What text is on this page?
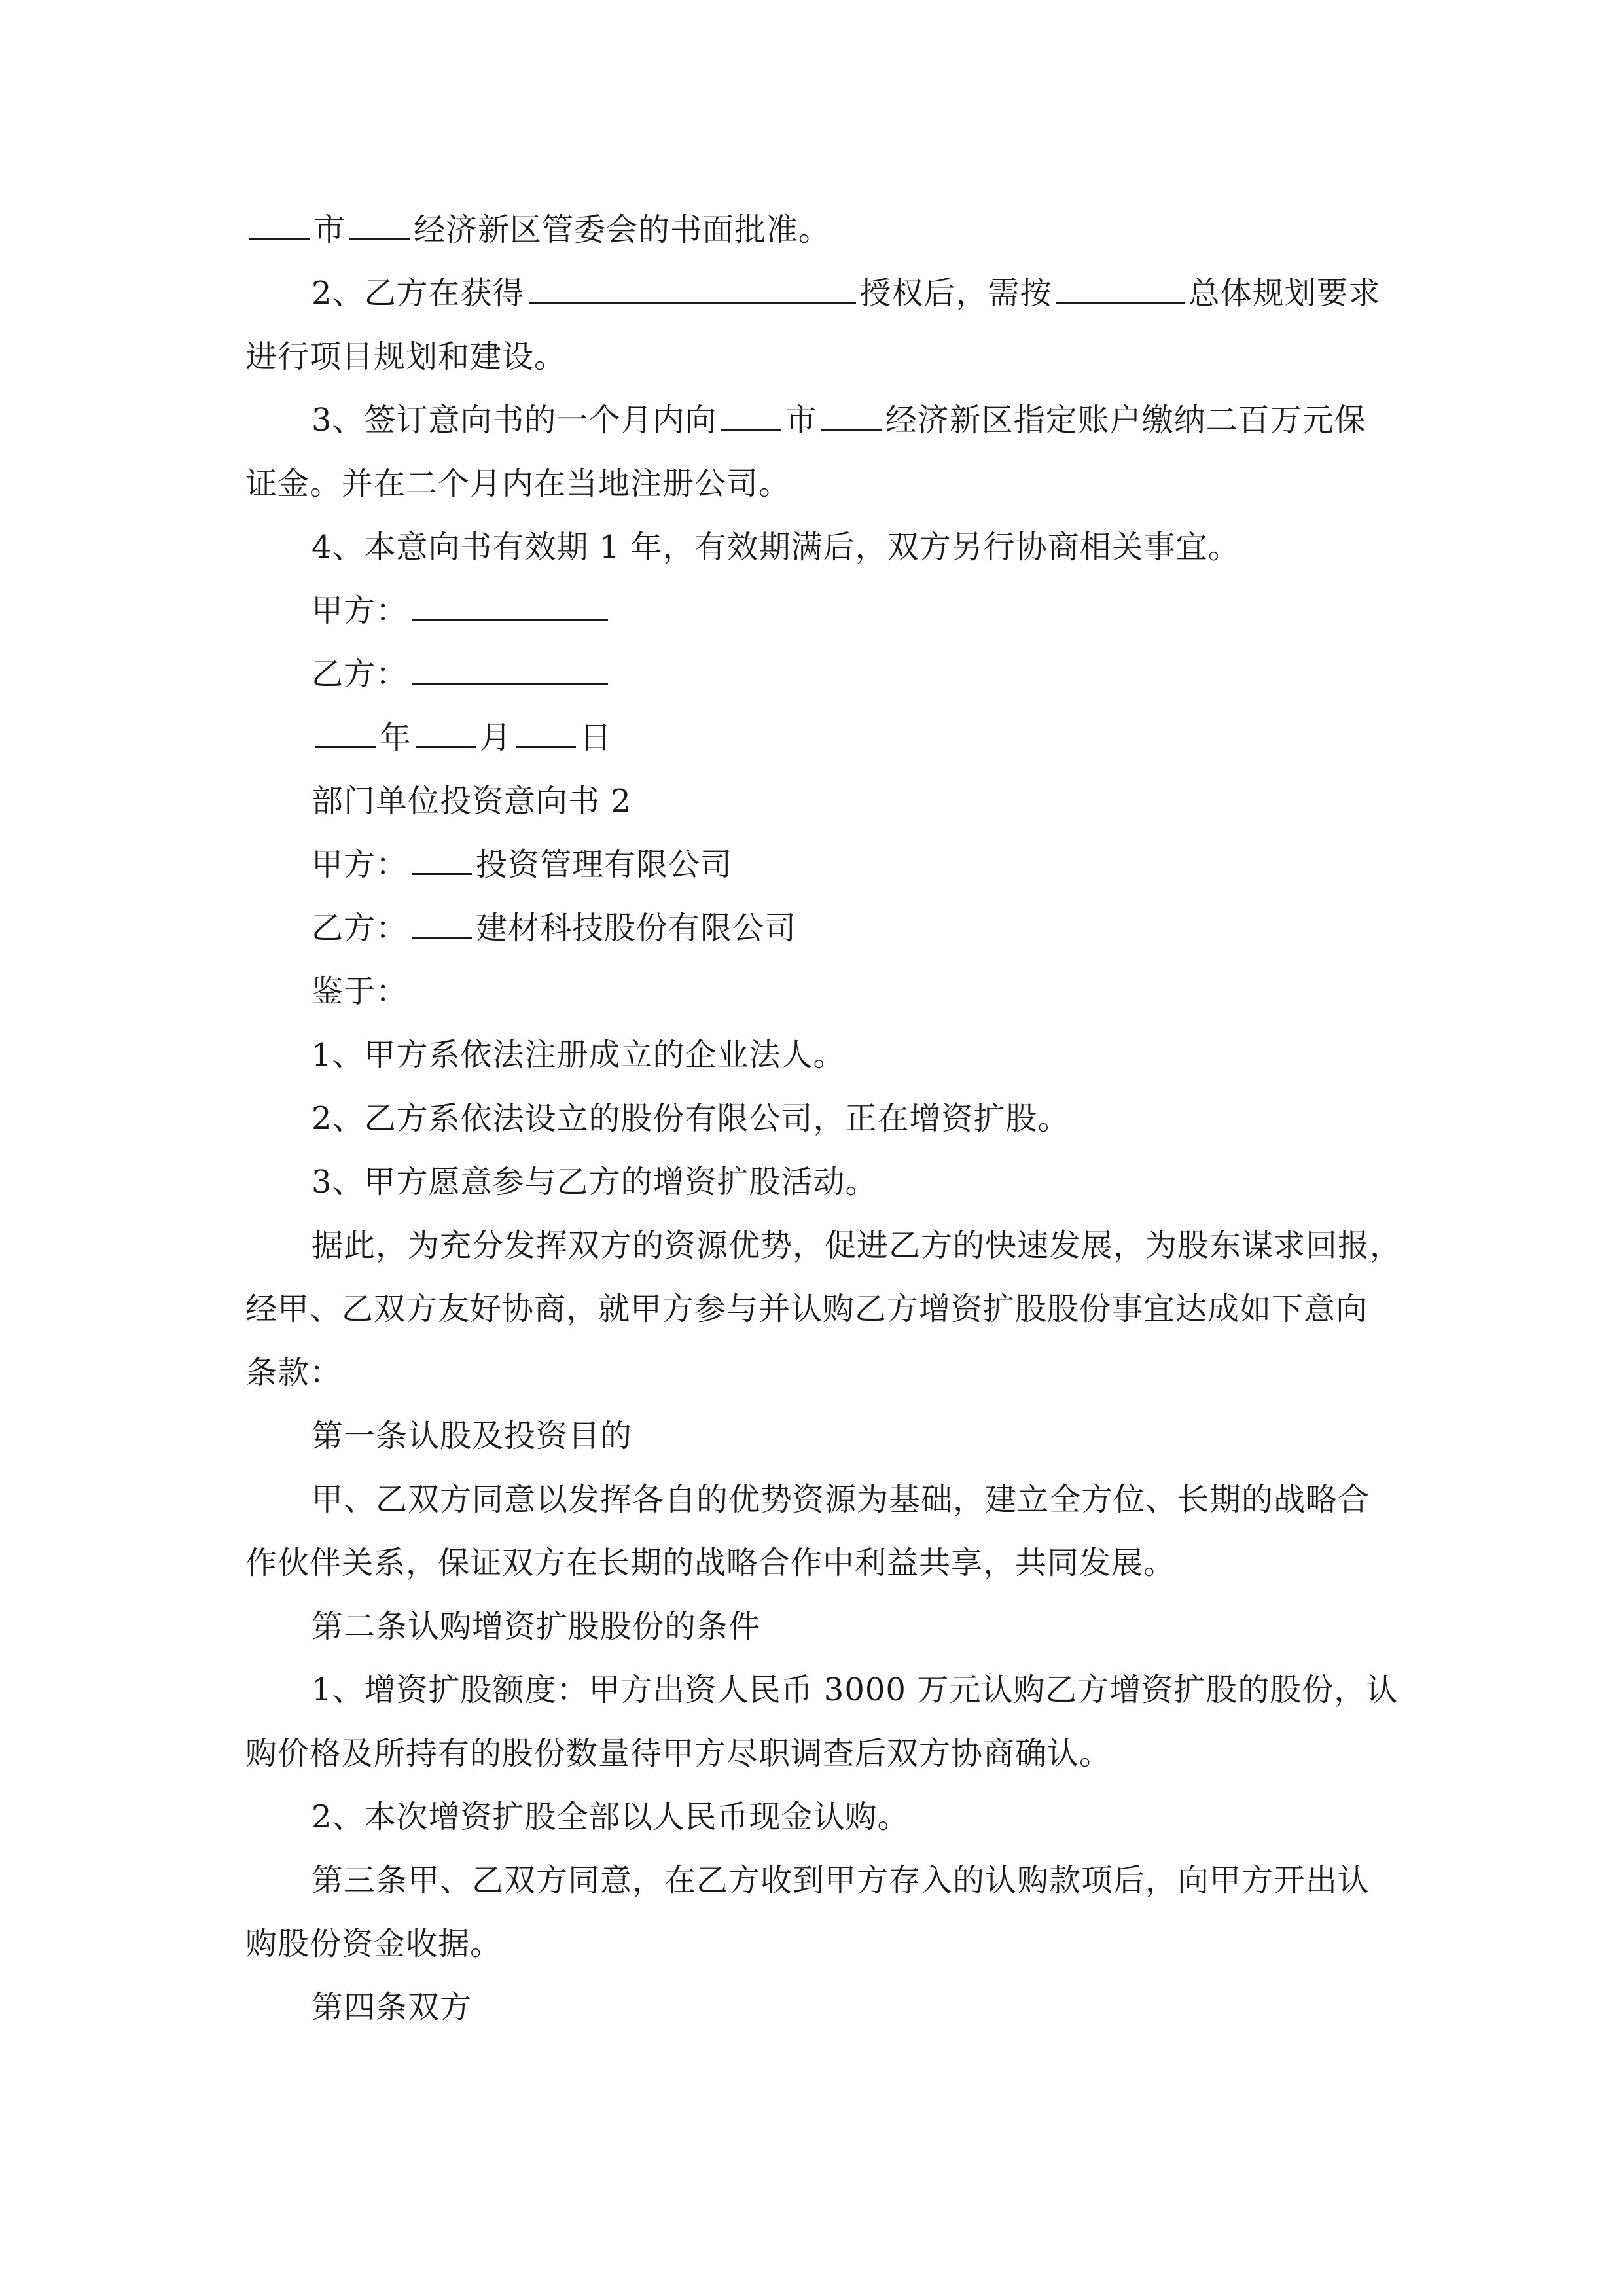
市 经济新区管委会的书面批准。
2、乙方在获得	授权后，需按	总体规划要求
进行项目规划和建设。
3、签订意向书的一个月内向 市 经济新区指定账户缴纳二百万元保
证金。并在二个月内在当地注册公司。
4、本意向书有效期 1 年，有效期满后，双方另行协商相关事宜。
甲方：
乙方：
年 月 日
部门单位投资意向书 2
甲方： 投资管理有限公司
乙方： 建材科技股份有限公司
鉴于：
1、甲方系依法注册成立的企业法人。
2、乙方系依法设立的股份有限公司，正在增资扩股。
3、甲方愿意参与乙方的增资扩股活动。
据此，为充分发挥双方的资源优势，促进乙方的快速发展，为股东谋求回报，
经甲、乙双方友好协商，就甲方参与并认购乙方增资扩股股份事宜达成如下意向
条款：
第一条认股及投资目的
甲、乙双方同意以发挥各自的优势资源为基础，建立全方位、长期的战略合
作伙伴关系，保证双方在长期的战略合作中利益共享，共同发展。
第二条认购增资扩股股份的条件
1、增资扩股额度：甲方出资人民币 3000 万元认购乙方增资扩股的股份，认
购价格及所持有的股份数量待甲方尽职调查后双方协商确认。
2、本次增资扩股全部以人民币现金认购。
第三条甲、乙双方同意，在乙方收到甲方存入的认购款项后，向甲方开出认
购股份资金收据。
第四条双方
